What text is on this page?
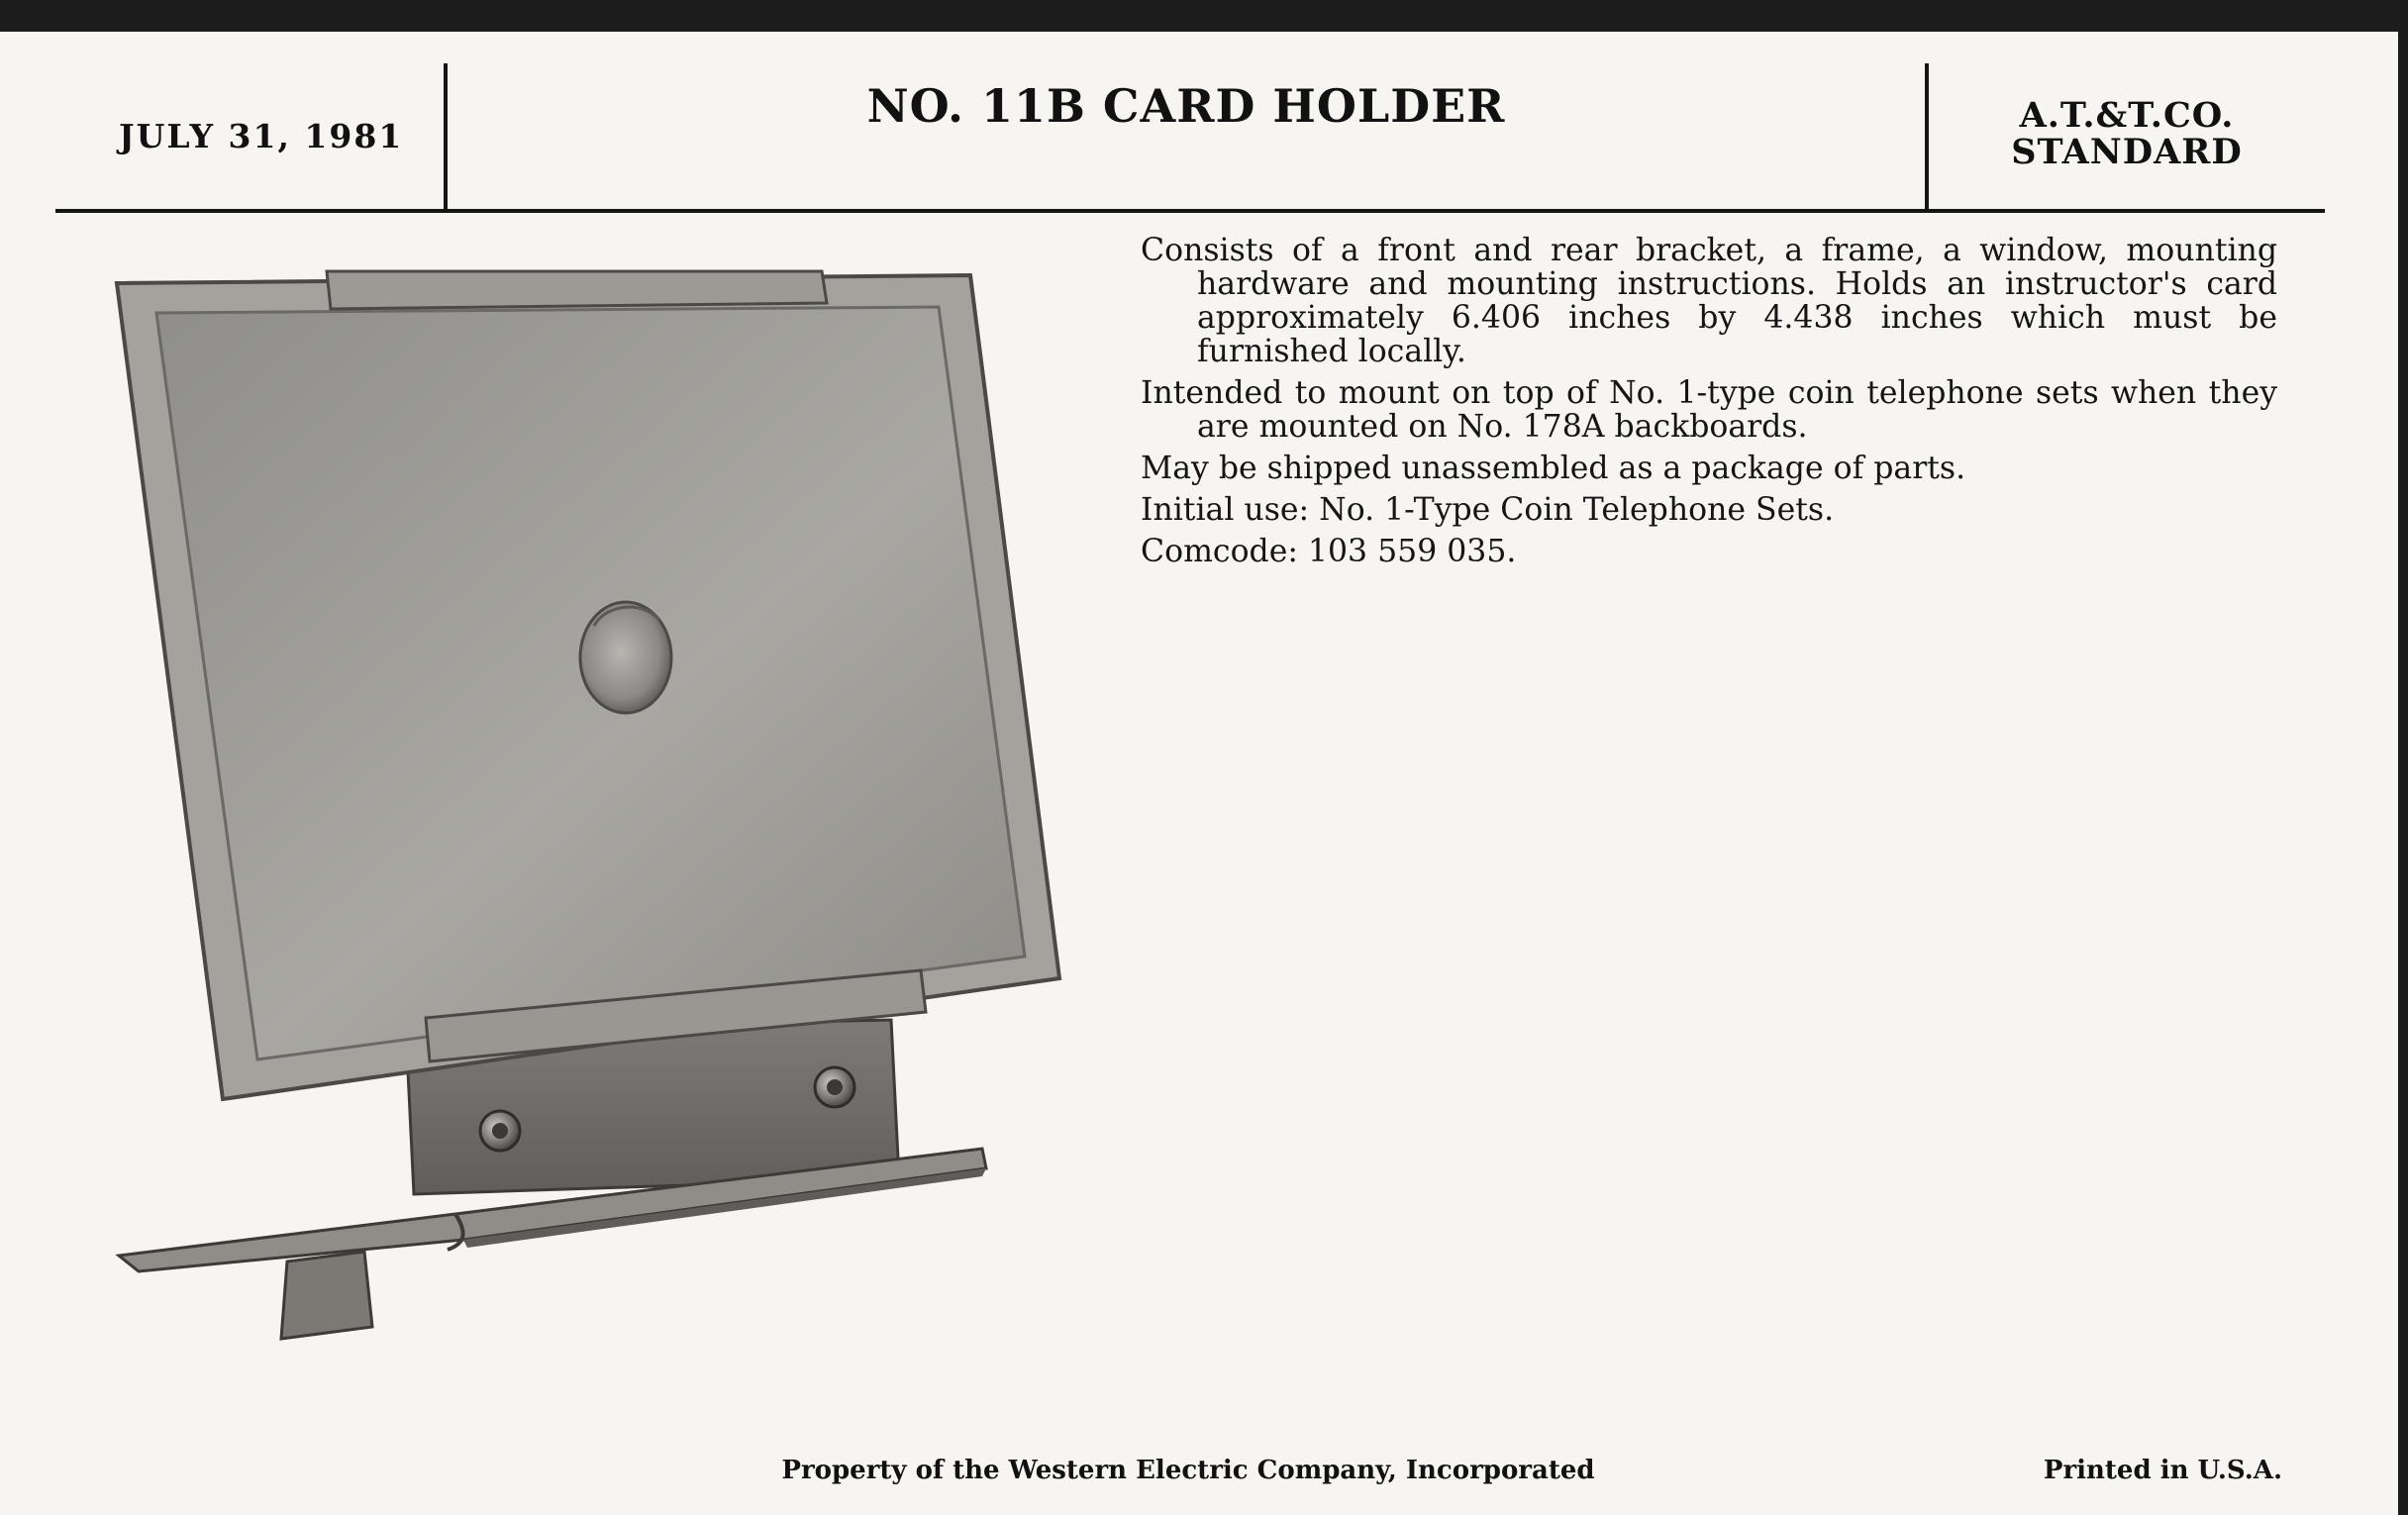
JULY 31, 1981
NO. 11B CARD HOLDER	A.T.&T.CO.
STANDARD

Consists of a front and rear bracket, a frame, a window, mounting hardware and mounting instructions. Holds an instructor's card approximately 6.406 inches by 4.438 inches which must be furnished locally.

Intended to mount on top of No. 1-type coin telephone sets when they are mounted on No. 178A backboards.

May be shipped unassembled as a package of parts.

Initial use: No. 1-Type Coin Telephone Sets.

Comcode: 103 559 035.

Property of the Western Electric Company, Incorporated	Printed in U.S.A.
